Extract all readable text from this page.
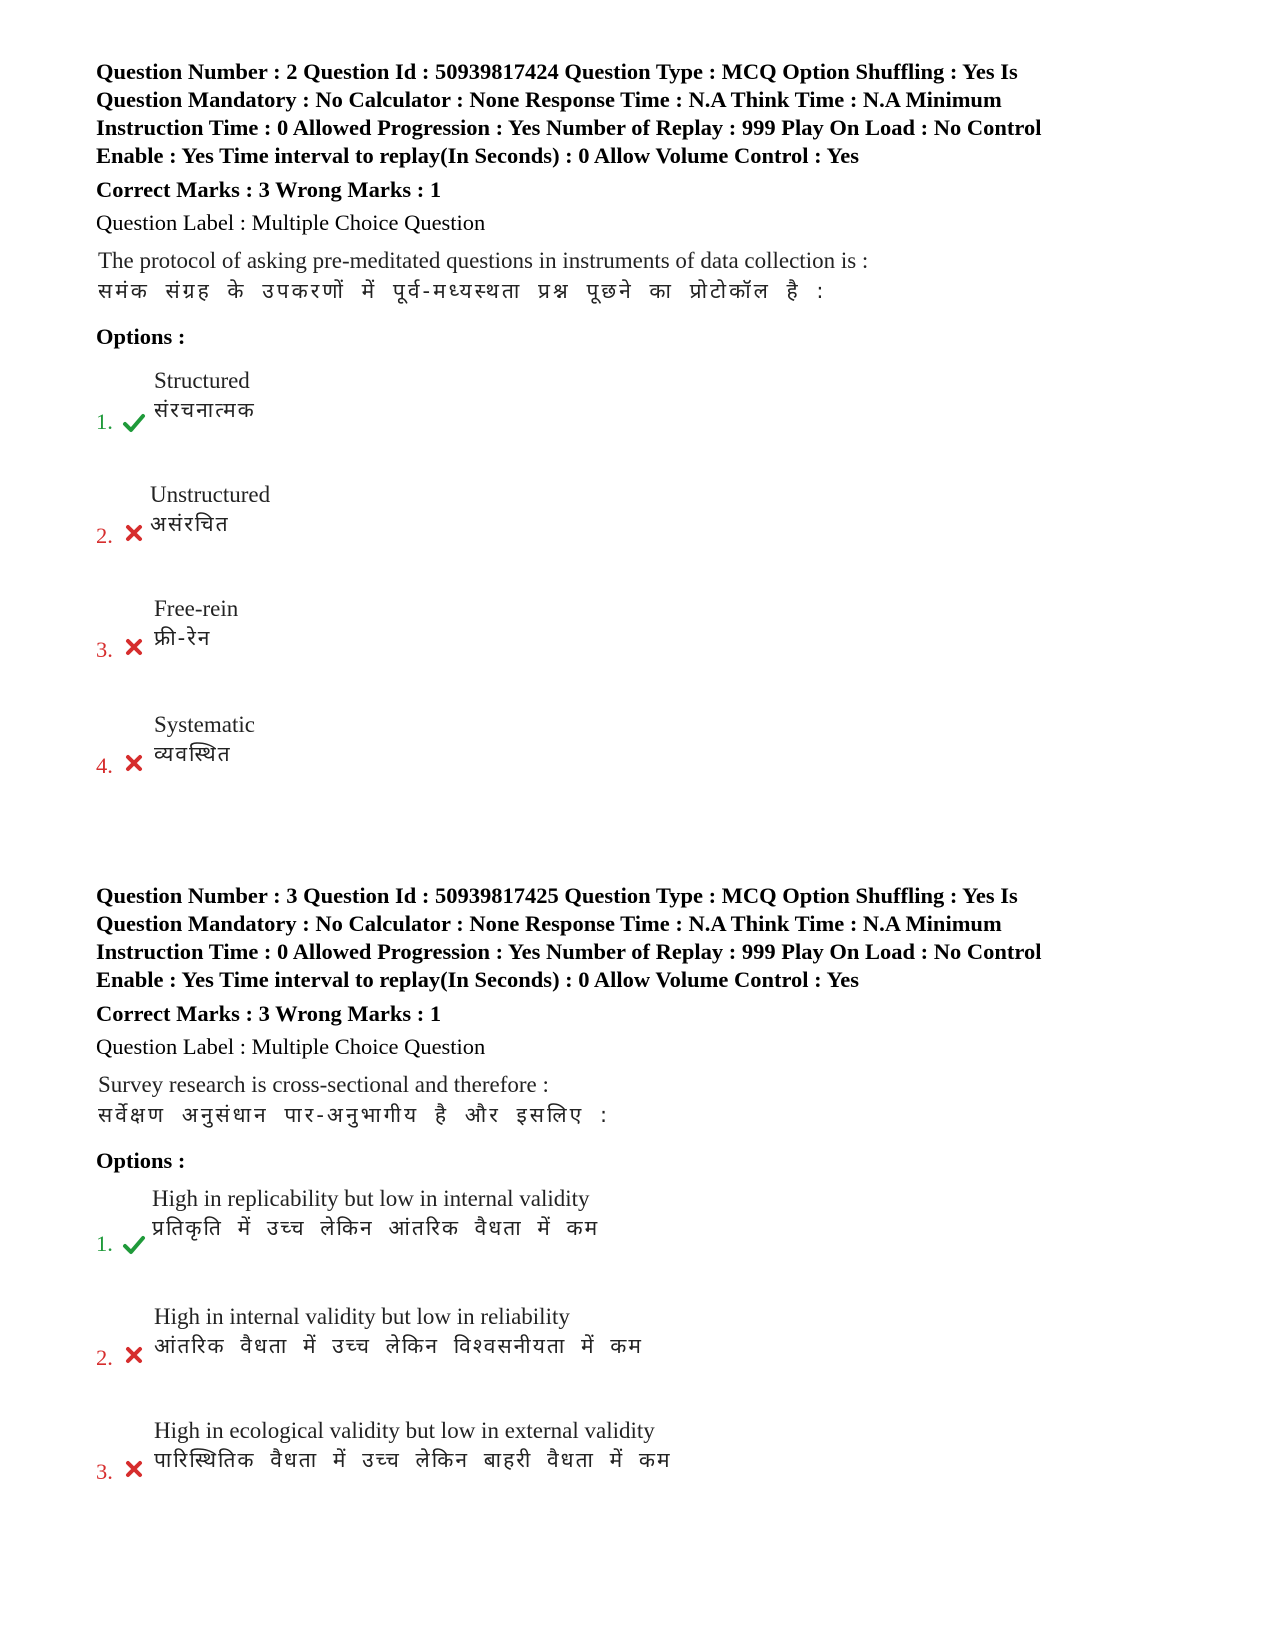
Question Number : 2 Question Id : 50939817424 Question Type : MCQ Option Shuffling : Yes Is
Question Mandatory : No Calculator : None Response Time : N.A Think Time : N.A Minimum
Instruction Time : 0 Allowed Progression : Yes Number of Replay : 999 Play On Load : No Control
Enable : Yes Time interval to replay(In Seconds) : 0 Allow Volume Control : Yes

Correct Marks : 3 Wrong Marks : 1

Question Label : Multiple Choice Question

The protocol of asking pre-meditated questions in instruments of data collection is :
समंक संग्रह के उपकरणों में पूर्व-मध्यस्थता प्रश्न पूछने का प्रोटोकॉल है :

Options :

1.
Structured
संरचनात्मक
2.
Unstructured
असंरचित
3.
Free-rein
फ्री-रेन
4.
Systematic
व्यवस्थित

Question Number : 3 Question Id : 50939817425 Question Type : MCQ Option Shuffling : Yes Is
Question Mandatory : No Calculator : None Response Time : N.A Think Time : N.A Minimum
Instruction Time : 0 Allowed Progression : Yes Number of Replay : 999 Play On Load : No Control
Enable : Yes Time interval to replay(In Seconds) : 0 Allow Volume Control : Yes

Correct Marks : 3 Wrong Marks : 1

Question Label : Multiple Choice Question

Survey research is cross-sectional and therefore :
सर्वेक्षण अनुसंधान पार-अनुभागीय है और इसलिए :

Options :

1.
High in replicability but low in internal validity
प्रतिकृति में उच्च लेकिन आंतरिक वैधता में कम
2.
High in internal validity but low in reliability
आंतरिक वैधता में उच्च लेकिन विश्वसनीयता में कम
3.
High in ecological validity but low in external validity
पारिस्थितिक वैधता में उच्च लेकिन बाहरी वैधता में कम
